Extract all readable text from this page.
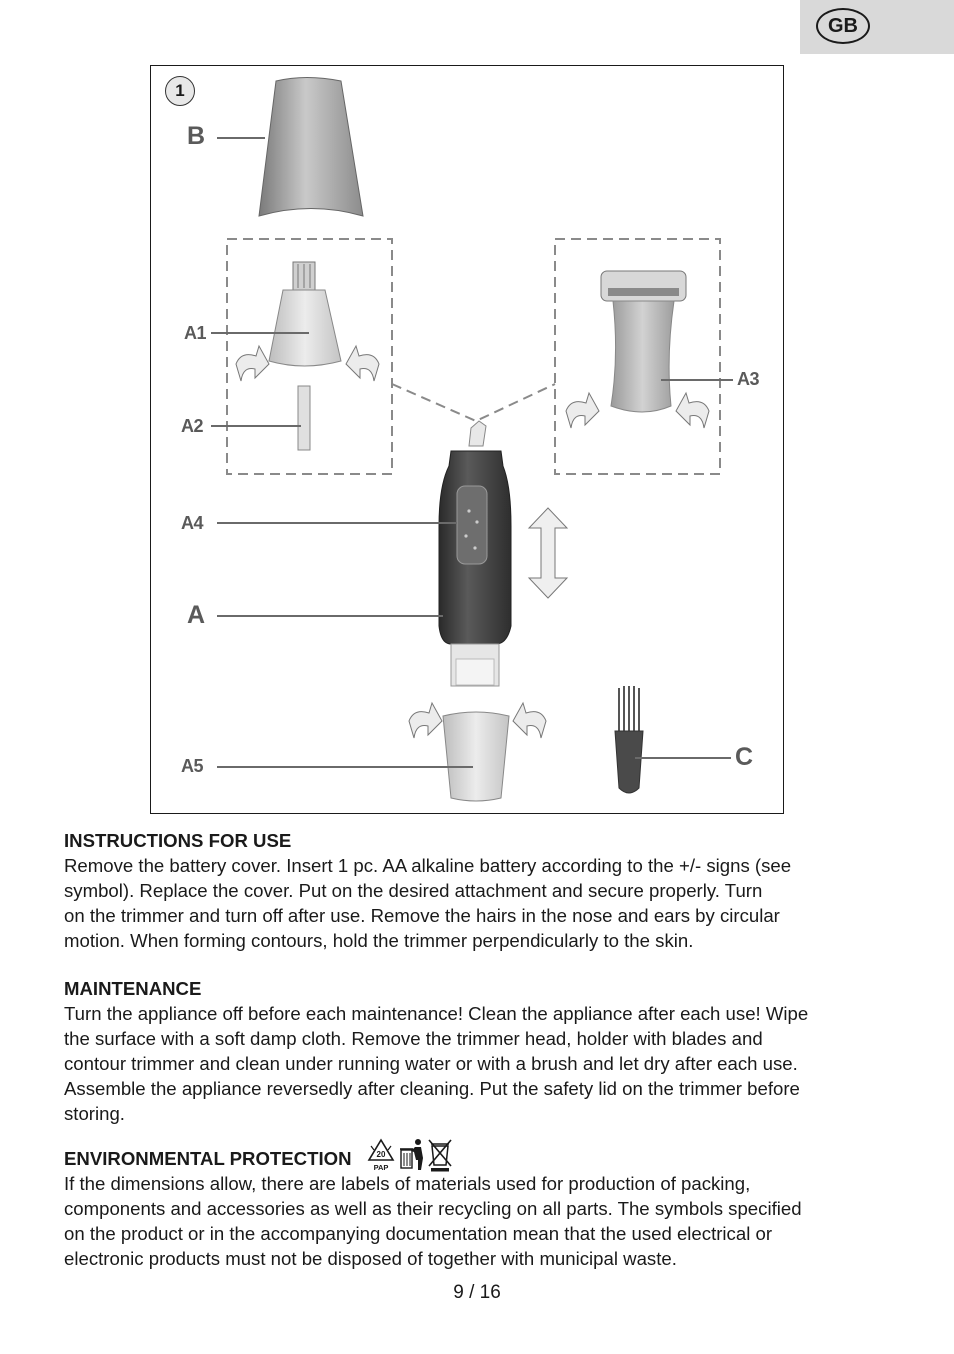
GB
1
B
A1
A2
A3
A4
A
A5	C

INSTRUCTIONS FOR USE

Remove the battery cover. Insert 1 pc. AA alkaline battery according to the +/- signs (see

symbol). Replace the cover. Put on the desired attachment and secure properly. Turn

on the trimmer and turn off after use. Remove the hairs in the nose and ears by circular

motion. When forming contours, hold the trimmer perpendicularly to the skin.

MAINTENANCE

Turn the appliance off before each maintenance! Clean the appliance after each use! Wipe

the surface with a soft damp cloth. Remove the trimmer head, holder with blades and

contour trimmer and clean under running water or with a brush and let dry after each use.

Assemble the appliance reversedly after cleaning. Put the safety lid on the trimmer before

storing.

ENVIRONMENTAL PROTECTION	20
PAP

If the dimensions allow, there are labels of materials used for production of packing,

components and accessories as well as their recycling on all parts. The symbols specified

on the product or in the accompanying documentation mean that the used electrical or

electronic products must not be disposed of together with municipal waste.

9 / 16
